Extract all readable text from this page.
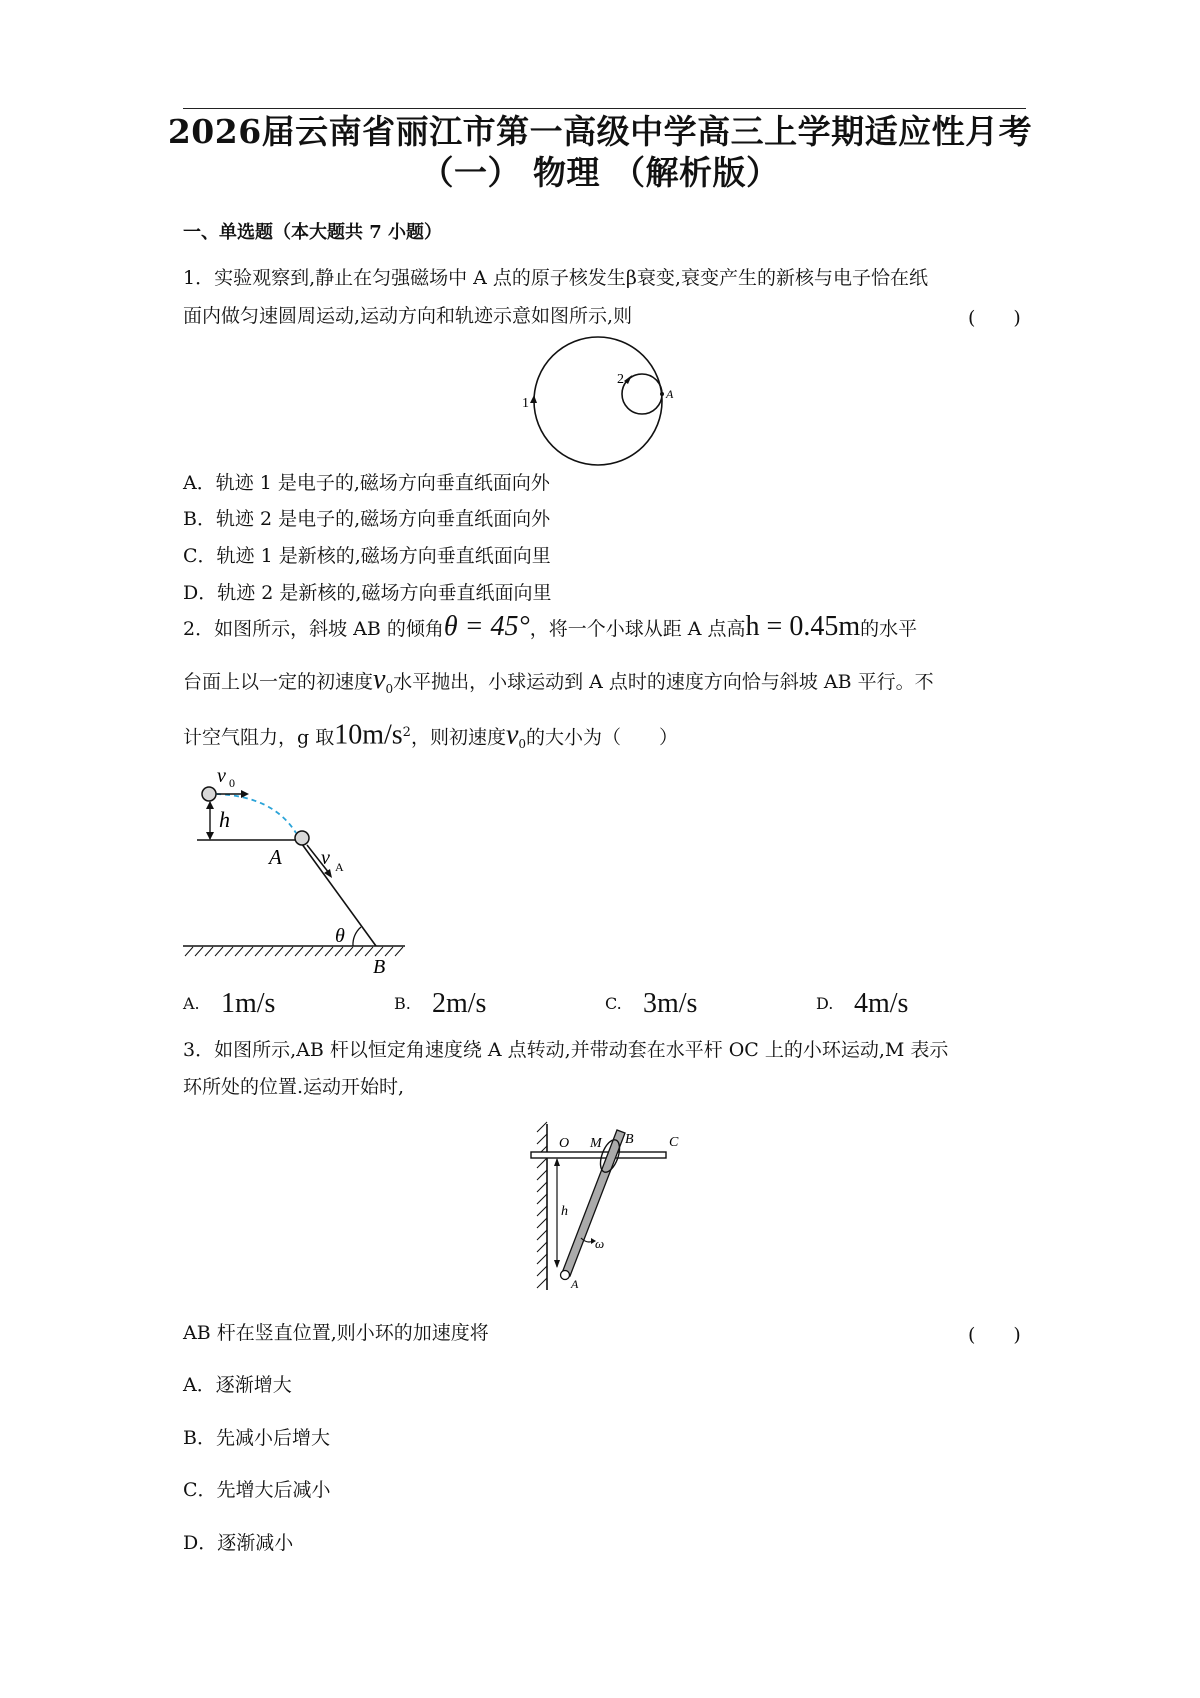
2026届云南省丽江市第一高级中学高三上学期适应性月考
（一） 物理 （解析版）
一、单选题（本大题共 7 小题）
1．实验观察到,静止在匀强磁场中 A 点的原子核发生β衰变,衰变产生的新核与电子恰在纸
面内做匀速圆周运动,运动方向和轨迹示意如图所示,则	(　　)
1
2
A
A．轨迹 1 是电子的,磁场方向垂直纸面向外
B．轨迹 2 是电子的,磁场方向垂直纸面向外
C．轨迹 1 是新核的,磁场方向垂直纸面向里
D．轨迹 2 是新核的,磁场方向垂直纸面向里
2．如图所示，斜坡 AB 的倾角θ = 45°，将一个小球从距 A 点高h = 0.45m的水平
台面上以一定的初速度$v_0$水平抛出，小球运动到 A 点时的速度方向恰与斜坡 AB 平行。不
计空气阻力，g 取$10m/s^2$，则初速度$v_0$的大小为（　　）
v 0
h
A v A
θ
B
A. 1m/s	B. 2m/s	C. 3m/s	D. 4m/s
3．如图所示,AB 杆以恒定角速度绕 A 点转动,并带动套在水平杆 OC 上的小环运动,M 表示
环所处的位置.运动开始时,
O M B	C
h
ω
A
AB 杆在竖直位置,则小环的加速度将	(　　)
A．逐渐增大
B．先减小后增大
C．先增大后减小
D．逐渐减小
